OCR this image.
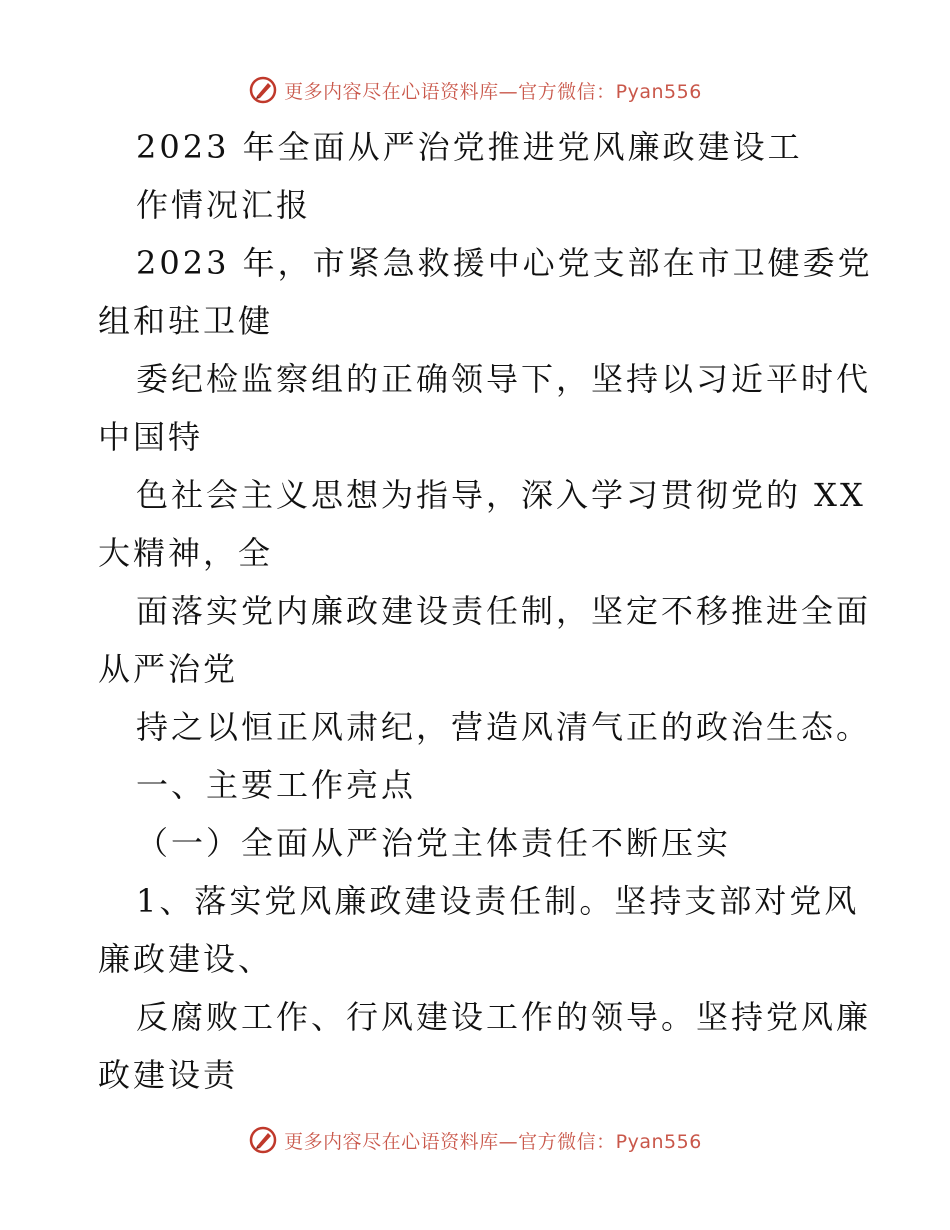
更多内容尽在心语资料库—官方微信：Pyan556
2023 年全面从严治党推进党风廉政建设工
作情况汇报
2023 年，市紧急救援中心党支部在市卫健委党
组和驻卫健
委纪检监察组的正确领导下，坚持以习近平时代
中国特
色社会主义思想为指导，深入学习贯彻党的 XX
大精神，全
面落实党内廉政建设责任制，坚定不移推进全面
从严治党
持之以恒正风肃纪，营造风清气正的政治生态。
一、主要工作亮点
（一）全面从严治党主体责任不断压实
1、落实党风廉政建设责任制。坚持支部对党风
廉政建设、
反腐败工作、行风建设工作的领导。坚持党风廉
政建设责
更多内容尽在心语资料库—官方微信：Pyan556
